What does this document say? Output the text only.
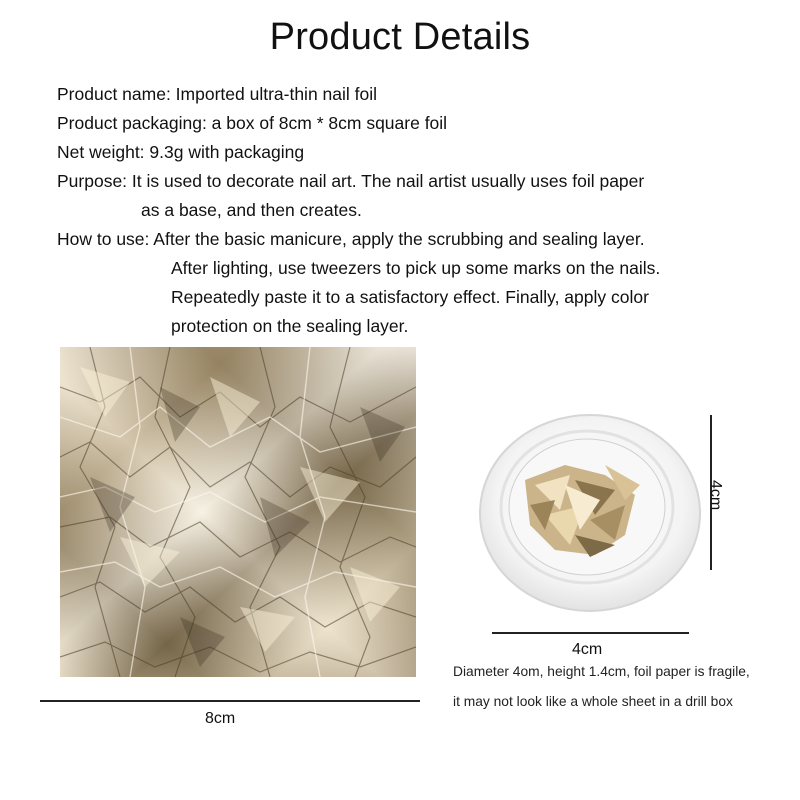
Product Details
Product name: Imported ultra-thin nail foil
Product packaging: a box of 8cm * 8cm square foil
Net weight: 9.3g with packaging
Purpose: It is used to decorate nail art. The nail artist usually uses foil paper
as a base, and then creates.
How to use: After the basic manicure, apply the scrubbing and sealing layer.
After lighting, use tweezers to pick up some marks on the nails.
Repeatedly paste it to a satisfactory effect. Finally, apply color
protection on the sealing layer.
8cm
4cm
4cm
Diameter 4om, height 1.4cm, foil paper is fragile,
it may not look like a whole sheet in a drill box
